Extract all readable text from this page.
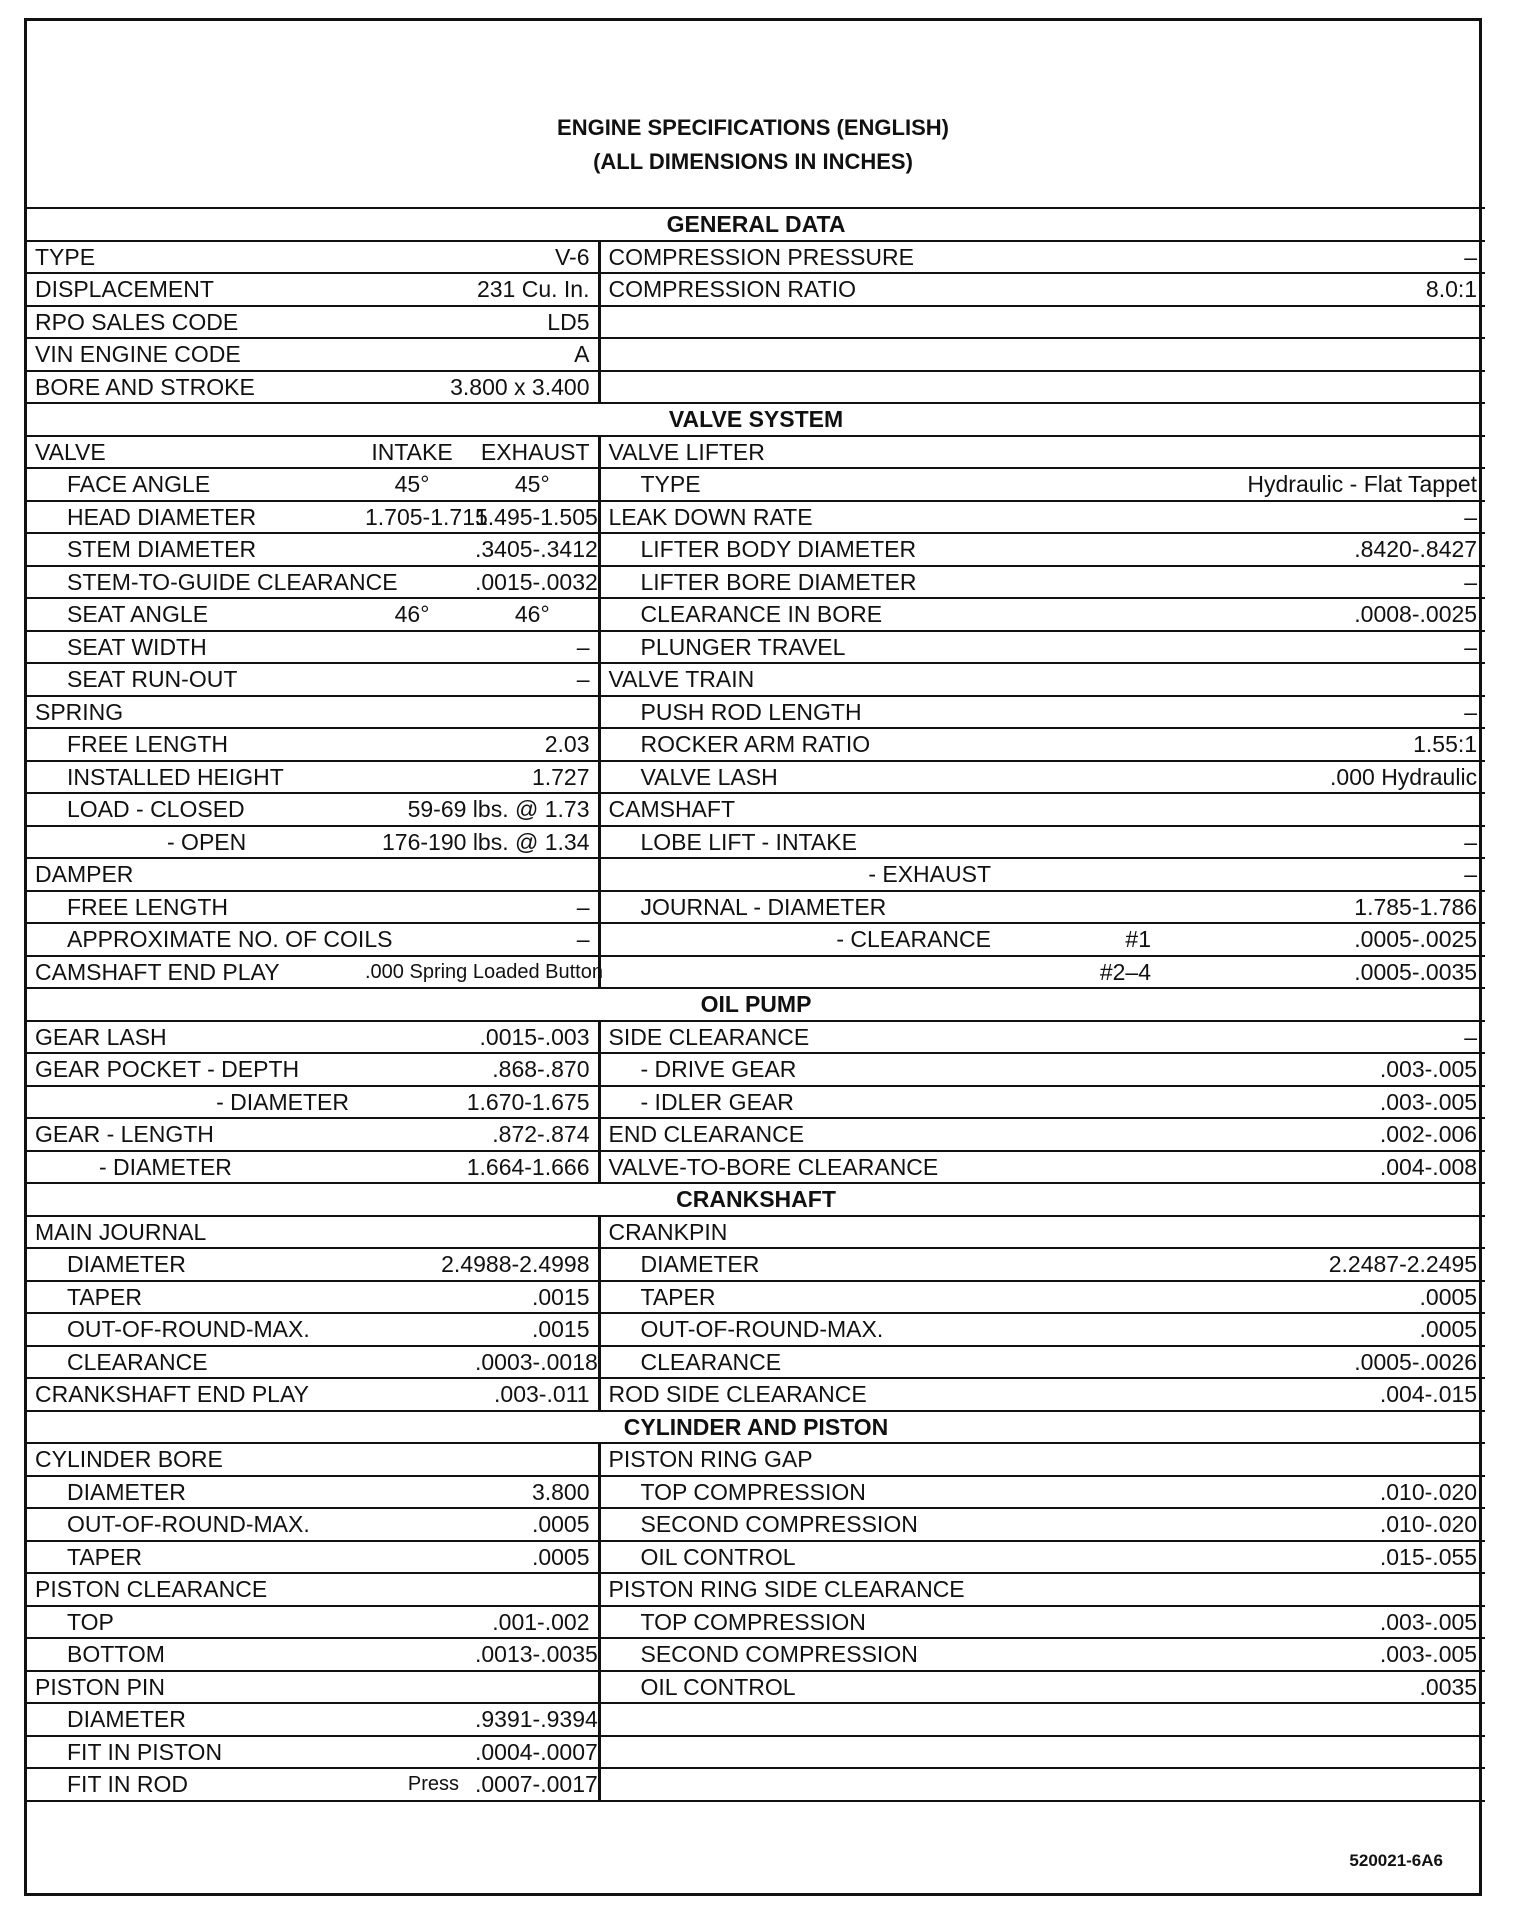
ENGINE SPECIFICATIONS (ENGLISH)
(ALL DIMENSIONS IN INCHES)
GENERAL DATA					
TYPE		V-6	COMPRESSION PRESSURE		–
DISPLACEMENT		231 Cu. In.	COMPRESSION RATIO		8.0:1
RPO SALES CODE		LD5			
VIN ENGINE CODE		A			
BORE AND STROKE	3.800 x 3.400				
VALVE SYSTEM					
VALVE	INTAKE	EXHAUST	VALVE LIFTER		
FACE ANGLE	45°	45°	TYPE	Hydraulic - Flat Tappet	
HEAD DIAMETER	1.705-1.715	1.495-1.505	LEAK DOWN RATE		–
STEM DIAMETER		.3405-.3412	LIFTER BODY DIAMETER		.8420-.8427
STEM-TO-GUIDE CLEARANCE		.0015-.0032	LIFTER BORE DIAMETER		–
SEAT ANGLE	46°	46°	CLEARANCE IN BORE		.0008-.0025
SEAT WIDTH		–	PLUNGER TRAVEL		–
SEAT RUN-OUT		–	VALVE TRAIN		
SPRING			PUSH ROD LENGTH		–
FREE LENGTH		2.03	ROCKER ARM RATIO		1.55:1
INSTALLED HEIGHT		1.727	VALVE LASH		.000 Hydraulic
LOAD - CLOSED	59-69 lbs. @ 1.73		CAMSHAFT		
- OPEN	176-190 lbs. @ 1.34		LOBE LIFT - INTAKE		–
DAMPER			- EXHAUST		–
FREE LENGTH		–	JOURNAL - DIAMETER		1.785-1.786
APPROXIMATE NO. OF COILS		–	- CLEARANCE	#1	.0005-.0025
CAMSHAFT END PLAY	.000 Spring Loaded Button			#2–4	.0005-.0035
OIL PUMP					
GEAR LASH		.0015-.003	SIDE CLEARANCE		–
GEAR POCKET - DEPTH		.868-.870	- DRIVE GEAR		.003-.005
- DIAMETER	1.670-1.675		- IDLER GEAR		.003-.005
GEAR - LENGTH		.872-.874	END CLEARANCE		.002-.006
- DIAMETER	1.664-1.666		VALVE-TO-BORE CLEARANCE		.004-.008
CRANKSHAFT					
MAIN JOURNAL			CRANKPIN		
DIAMETER	2.4988-2.4998		DIAMETER		2.2487-2.2495
TAPER		.0015	TAPER		.0005
OUT-OF-ROUND-MAX.		.0015	OUT-OF-ROUND-MAX.		.0005
CLEARANCE		.0003-.0018	CLEARANCE		.0005-.0026
CRANKSHAFT END PLAY		.003-.011	ROD SIDE CLEARANCE		.004-.015
CYLINDER AND PISTON					
CYLINDER BORE			PISTON RING GAP		
DIAMETER		3.800	TOP COMPRESSION		.010-.020
OUT-OF-ROUND-MAX.		.0005	SECOND COMPRESSION		.010-.020
TAPER		.0005	OIL CONTROL		.015-.055
PISTON CLEARANCE			PISTON RING SIDE CLEARANCE		
TOP		.001-.002	TOP COMPRESSION		.003-.005
BOTTOM		.0013-.0035	SECOND COMPRESSION		.003-.005
PISTON PIN			OIL CONTROL		.0035
DIAMETER		.9391-.9394			
FIT IN PISTON		.0004-.0007			
FIT IN ROD	Press	.0007-.0017			
520021-6A6
